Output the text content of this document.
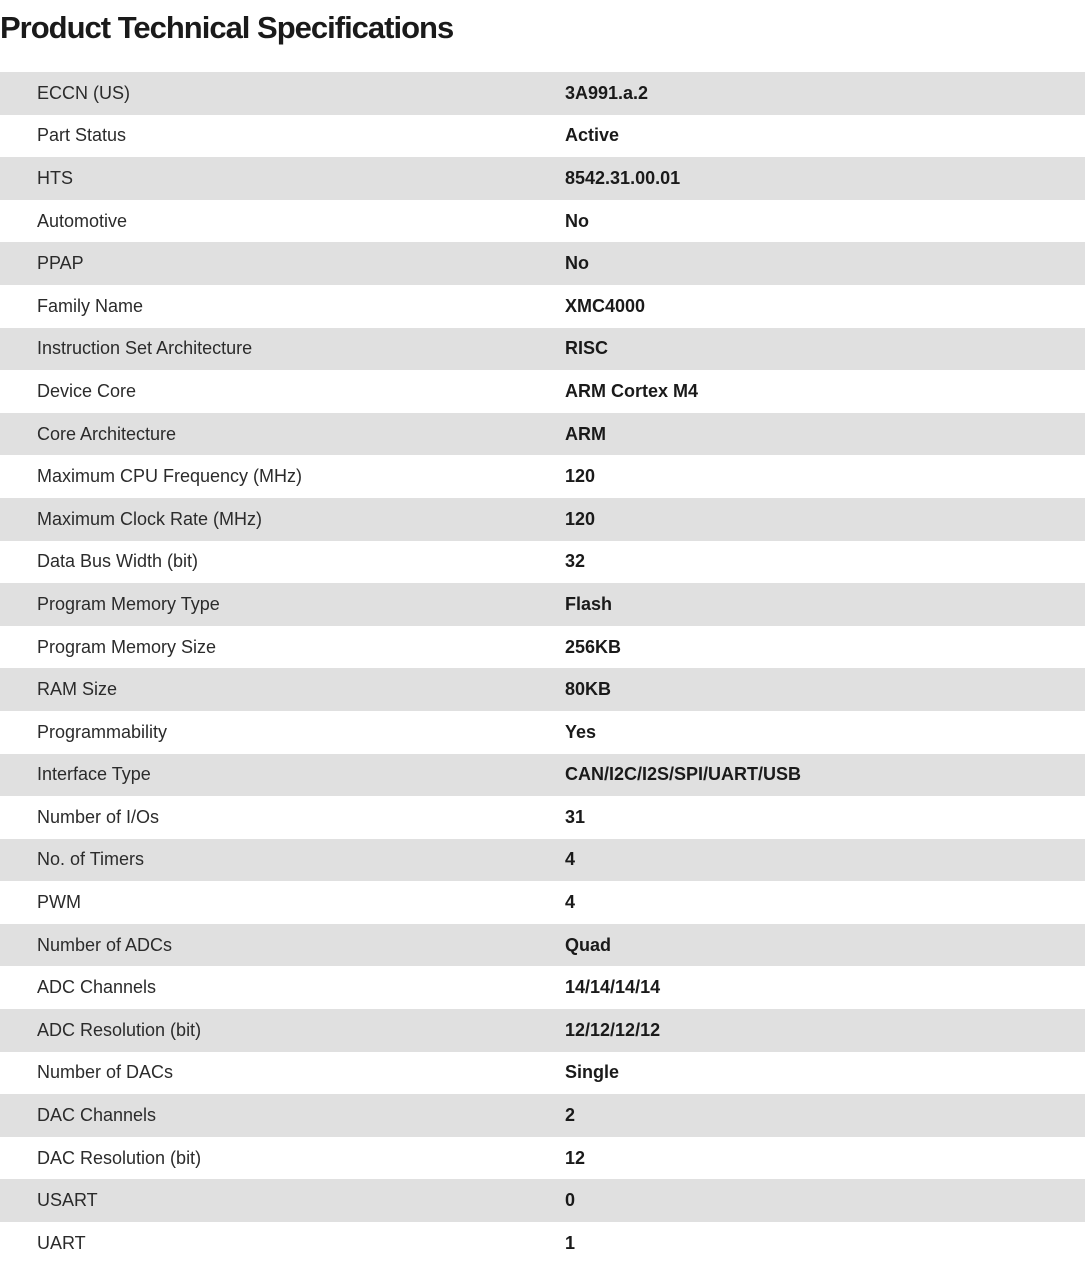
Product Technical Specifications
ECCN (US)	3A991.a.2
Part Status	Active
HTS	8542.31.00.01
Automotive	No
PPAP	No
Family Name	XMC4000
Instruction Set Architecture	RISC
Device Core	ARM Cortex M4
Core Architecture	ARM
Maximum CPU Frequency (MHz)	120
Maximum Clock Rate (MHz)	120
Data Bus Width (bit)	32
Program Memory Type	Flash
Program Memory Size	256KB
RAM Size	80KB
Programmability	Yes
Interface Type	CAN/I2C/I2S/SPI/UART/USB
Number of I/Os	31
No. of Timers	4
PWM	4
Number of ADCs	Quad
ADC Channels	14/14/14/14
ADC Resolution (bit)	12/12/12/12
Number of DACs	Single
DAC Channels	2
DAC Resolution (bit)	12
USART	0
UART	1
